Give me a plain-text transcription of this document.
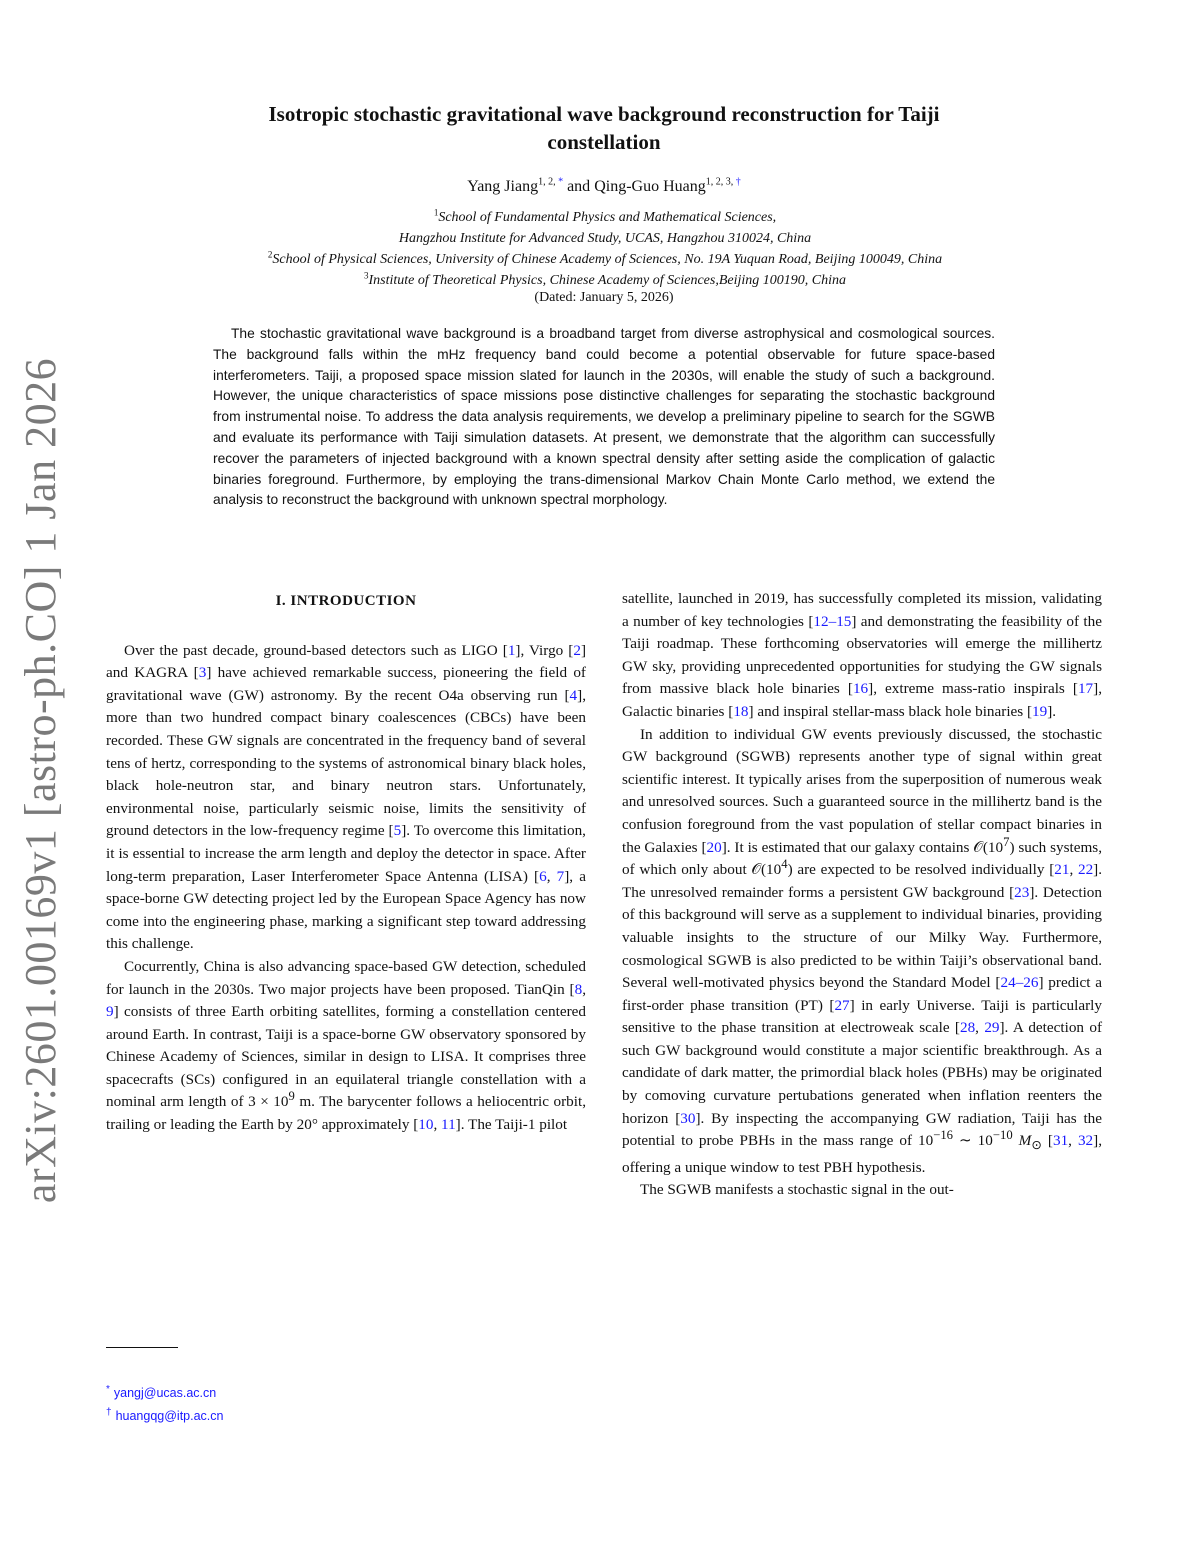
arXiv:2601.00169v1 [astro-ph.CO] 1 Jan 2026
Isotropic stochastic gravitational wave background reconstruction for Taiji
constellation
Yang Jiang$^{1, 2,}$ * and Qing-Guo Huang$^{1, 2, 3,}$ †
$^1$School of Fundamental Physics and Mathematical Sciences,
Hangzhou Institute for Advanced Study, UCAS, Hangzhou 310024, China
$^2$School of Physical Sciences, University of Chinese Academy of Sciences, No. 19A Yuquan Road, Beijing 100049, China
$^3$Institute of Theoretical Physics, Chinese Academy of Sciences,Beijing 100190, China
(Dated: January 5, 2026)
The stochastic gravitational wave background is a broadband target from diverse astrophysical and cosmological sources. The background falls within the mHz frequency band could become a potential observable for future space-based interferometers. Taiji, a proposed space mission slated for launch in the 2030s, will enable the study of such a background. However, the unique characteristics of space missions pose distinctive challenges for separating the stochastic background from instrumental noise. To address the data analysis requirements, we develop a preliminary pipeline to search for the SGWB and evaluate its performance with Taiji simulation datasets. At present, we demonstrate that the algorithm can successfully recover the parameters of injected background with a known spectral density after setting aside the complication of galactic binaries foreground. Furthermore, by employing the trans-dimensional Markov Chain Monte Carlo method, we extend the analysis to reconstruct the background with unknown spectral morphology.
I. INTRODUCTION

Over the past decade, ground-based detectors such as LIGO [1], Virgo [2] and KAGRA [3] have achieved remarkable success, pioneering the field of gravitational wave (GW) astronomy. By the recent O4a observing run [4], more than two hundred compact binary coalescences (CBCs) have been recorded. These GW signals are concentrated in the frequency band of several tens of hertz, corresponding to the systems of astronomical binary black holes, black hole-neutron star, and binary neutron stars. Unfortunately, environmental noise, particularly seismic noise, limits the sensitivity of ground detectors in the low-frequency regime [5]. To overcome this limitation, it is essential to increase the arm length and deploy the detector in space. After long-term preparation, Laser Interferometer Space Antenna (LISA) [6, 7], a space-borne GW detecting project led by the European Space Agency has now come into the engineering phase, marking a significant step toward addressing this challenge.

Cocurrently, China is also advancing space-based GW detection, scheduled for launch in the 2030s. Two major projects have been proposed. TianQin [8, 9] consists of three Earth orbiting satellites, forming a constellation centered around Earth. In contrast, Taiji is a space-borne GW observatory sponsored by Chinese Academy of Sciences, similar in design to LISA. It comprises three spacecrafts (SCs) configured in an equilateral triangle constellation with a nominal arm length of $3 \times 10^9$ m. The barycenter follows a heliocentric orbit, trailing or leading the Earth by 20° approximately [10, 11]. The Taiji-1 pilot

satellite, launched in 2019, has successfully completed its mission, validating a number of key technologies [12–15] and demonstrating the feasibility of the Taiji roadmap. These forthcoming observatories will emerge the millihertz GW sky, providing unprecedented opportunities for studying the GW signals from massive black hole binaries [16], extreme mass-ratio inspirals [17], Galactic binaries [18] and inspiral stellar-mass black hole binaries [19].

In addition to individual GW events previously discussed, the stochastic GW background (SGWB) represents another type of signal within great scientific interest. It typically arises from the superposition of numerous weak and unresolved sources. Such a guaranteed source in the millihertz band is the confusion foreground from the vast population of stellar compact binaries in the Galaxies [20]. It is estimated that our galaxy contains $𝒪(10^7)$ such systems, of which only about $𝒪(10^4)$ are expected to be resolved individually [21, 22]. The unresolved remainder forms a persistent GW background [23]. Detection of this background will serve as a supplement to individual binaries, providing valuable insights to the structure of our Milky Way. Furthermore, cosmological SGWB is also predicted to be within Taiji’s observational band. Several well-motivated physics beyond the Standard Model [24–26] predict a first-order phase transition (PT) [27] in early Universe. Taiji is particularly sensitive to the phase transition at electroweak scale [28, 29]. A detection of such GW background would constitute a major scientific breakthrough. As a candidate of dark matter, the primordial black holes (PBHs) may be originated by comoving curvature pertubations generated when inflation reenters the horizon [30]. By inspecting the accompanying GW radiation, Taiji has the potential to probe PBHs in the mass range of $10^{-16}$ ∼ $10^{-10}$ $M_⊙$ [31, 32], offering a unique window to test PBH hypothesis.

The SGWB manifests a stochastic signal in the out-

* yangj@ucas.ac.cn
† huangqg@itp.ac.cn
